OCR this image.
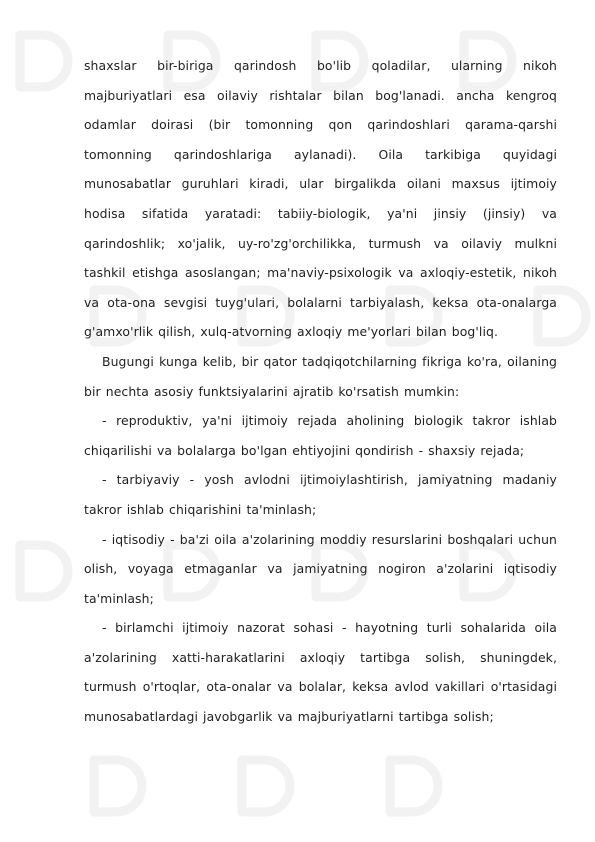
shaxslar bir-biriga qarindosh bo'lib qoladilar, ularning nikoh majburiyatlari esa oilaviy rishtalar bilan bog'lanadi. ancha kengroq odamlar doirasi (bir tomonning qon qarindoshlari qarama-qarshi tomonning qarindoshlariga aylanadi). Oila tarkibiga quyidagi munosabatlar guruhlari kiradi, ular birgalikda oilani maxsus ijtimoiy hodisa sifatida yaratadi: tabiiy-biologik, ya'ni jinsiy (jinsiy) va qarindoshlik; xo'jalik, uy-ro'zg'orchilikka, turmush va oilaviy mulkni tashkil etishga asoslangan; ma'naviy-psixologik va axloqiy-estetik, nikoh va ota-ona sevgisi tuyg'ulari, bolalarni tarbiyalash, keksa ota-onalarga g'amxo'rlik qilish, xulq-atvorning axloqiy me'yorlari bilan bog'liq.

Bugungi kunga kelib, bir qator tadqiqotchilarning fikriga ko'ra, oilaning bir nechta asosiy funktsiyalarini ajratib ko'rsatish mumkin:

- reproduktiv, ya'ni ijtimoiy rejada aholining biologik takror ishlab chiqarilishi va bolalarga bo'lgan ehtiyojini qondirish - shaxsiy rejada;

- tarbiyaviy - yosh avlodni ijtimoiylashtirish, jamiyatning madaniy takror ishlab chiqarishini ta'minlash;

- iqtisodiy - ba'zi oila a'zolarining moddiy resurslarini boshqalari uchun olish, voyaga etmaganlar va jamiyatning nogiron a'zolarini iqtisodiy ta'minlash;

- birlamchi ijtimoiy nazorat sohasi - hayotning turli sohalarida oila a'zolarining xatti-harakatlarini axloqiy tartibga solish, shuningdek, turmush o'rtoqlar, ota-onalar va bolalar, keksa avlod vakillari o'rtasidagi munosabatlardagi javobgarlik va majburiyatlarni tartibga solish;
